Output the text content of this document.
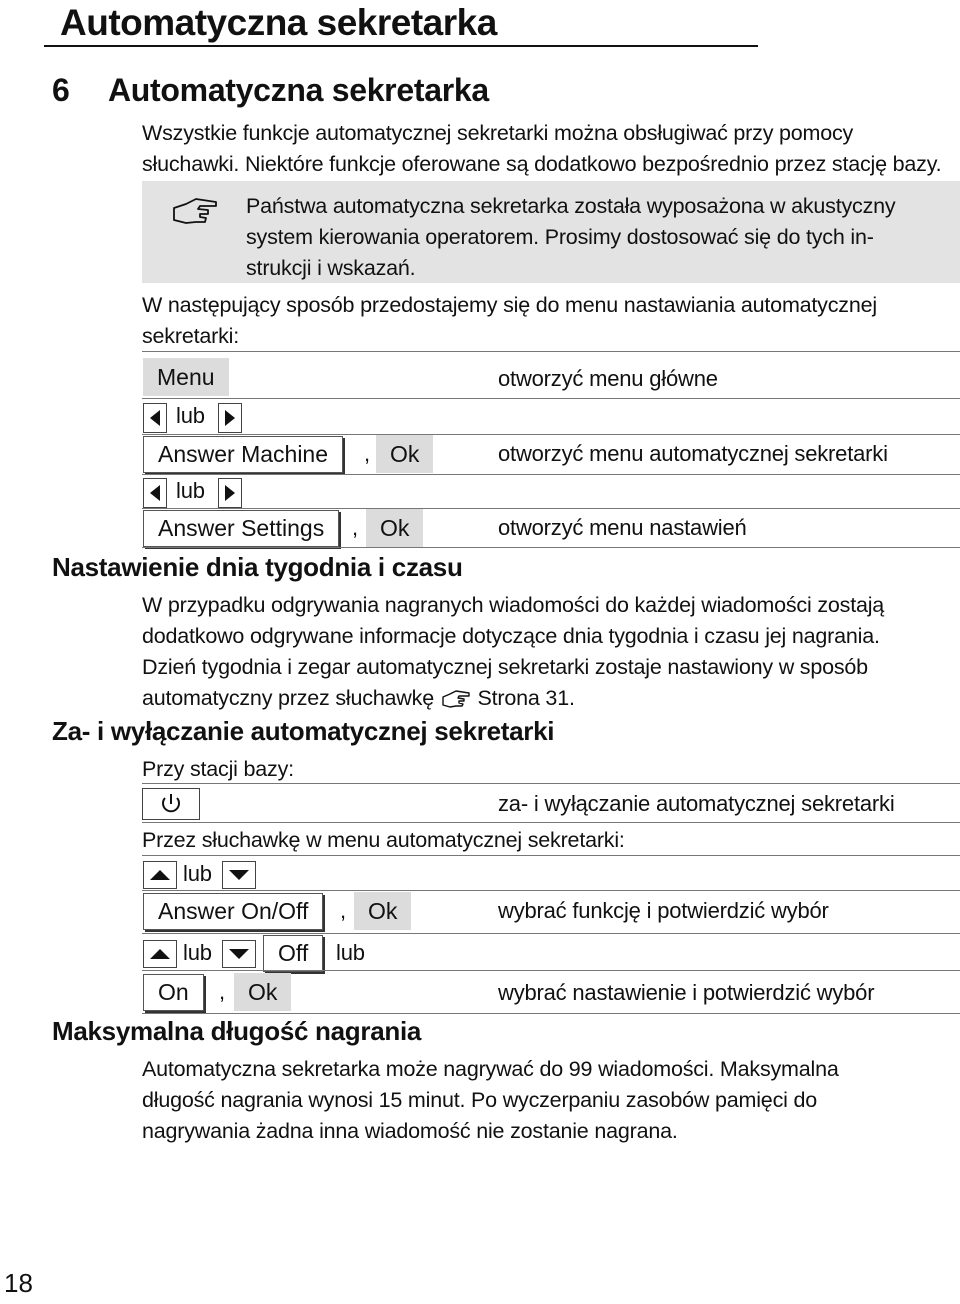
Automatyczna sekretarka
6 Automatyczna sekretarka
Wszystkie funkcje automatycznej sekretarki można obsługiwać przy pomocy
słuchawki. Niektóre funkcje oferowane są dodatkowo bezpośrednio przez stację bazy.
Państwa automatyczna sekretarka została wyposażona w akustyczny
system kierowania operatorem. Prosimy dostosować się do tych in-
strukcji i wskazań.
W następujący sposób przedostajemy się do menu nastawiania automatycznej
sekretarki:
Menu	otworzyć menu główne
lub
Answer Machine	, Ok	otworzyć menu automatycznej sekretarki
lub
Answer Settings	, Ok	otworzyć menu nastawień
Nastawienie dnia tygodnia i czasu
W przypadku odgrywania nagranych wiadomości do każdej wiadomości zostają
dodatkowo odgrywane informacje dotyczące dnia tygodnia i czasu jej nagrania.
Dzień tygodnia i zegar automatycznej sekretarki zostaje nastawiony w sposób
automatyczny przez słuchawkę Strona 31.
Za- i wyłączanie automatycznej sekretarki
Przy stacji bazy:
za- i wyłączanie automatycznej sekretarki
Przez słuchawkę w menu automatycznej sekretarki:
lub
Answer On/Off	, Ok	wybrać funkcję i potwierdzić wybór
lub	Off	lub
On	,	Ok	wybrać nastawienie i potwierdzić wybór
Maksymalna długość nagrania
Automatyczna sekretarka może nagrywać do 99 wiadomości. Maksymalna
długość nagrania wynosi 15 minut. Po wyczerpaniu zasobów pamięci do
nagrywania żadna inna wiadomość nie zostanie nagrana.
18
